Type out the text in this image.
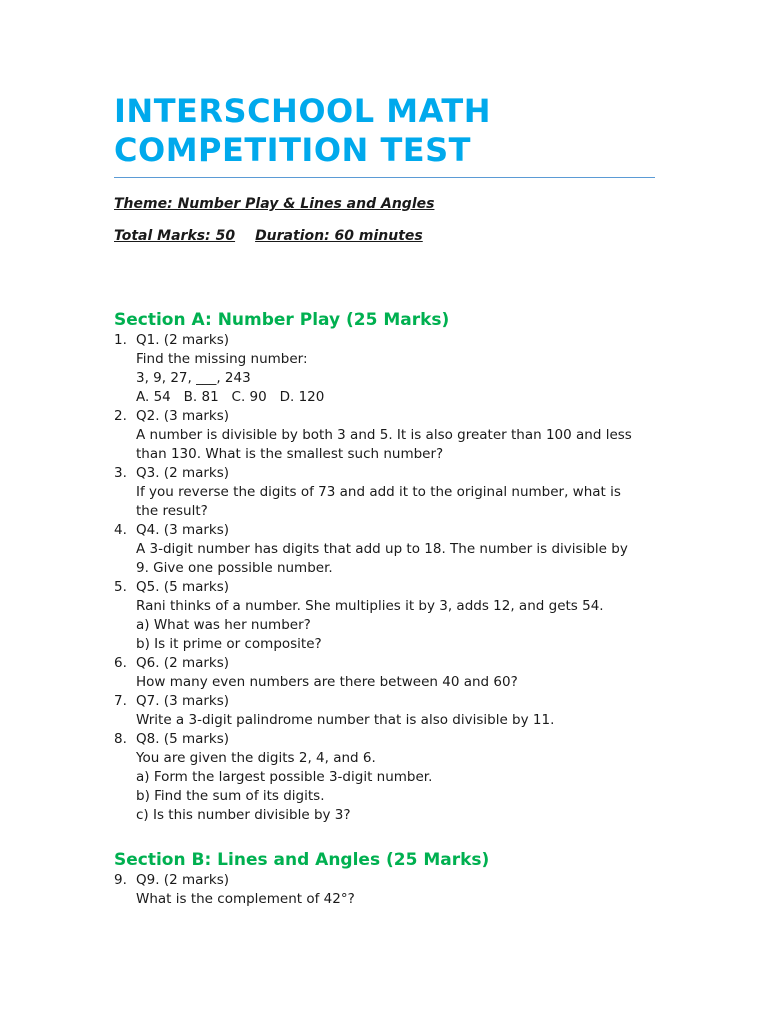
INTERSCHOOL MATH
COMPETITION TEST

Theme: Number Play & Lines and Angles

Total Marks: 50 Duration: 60 minutes

Section A: Number Play (25 Marks)
1. Q1. (2 marks)
Find the missing number:
3, 9, 27, ___, 243
A. 54   B. 81   C. 90   D. 120
2. Q2. (3 marks)
A number is divisible by both 3 and 5. It is also greater than 100 and less
than 130. What is the smallest such number?
3. Q3. (2 marks)
If you reverse the digits of 73 and add it to the original number, what is
the result?
4. Q4. (3 marks)
A 3-digit number has digits that add up to 18. The number is divisible by
9. Give one possible number.
5. Q5. (5 marks)
Rani thinks of a number. She multiplies it by 3, adds 12, and gets 54.
a) What was her number?
b) Is it prime or composite?
6. Q6. (2 marks)
How many even numbers are there between 40 and 60?
7. Q7. (3 marks)
Write a 3-digit palindrome number that is also divisible by 11.
8. Q8. (5 marks)
You are given the digits 2, 4, and 6.
a) Form the largest possible 3-digit number.
b) Find the sum of its digits.
c) Is this number divisible by 3?
Section B: Lines and Angles (25 Marks)
9. Q9. (2 marks)
What is the complement of 42°?
